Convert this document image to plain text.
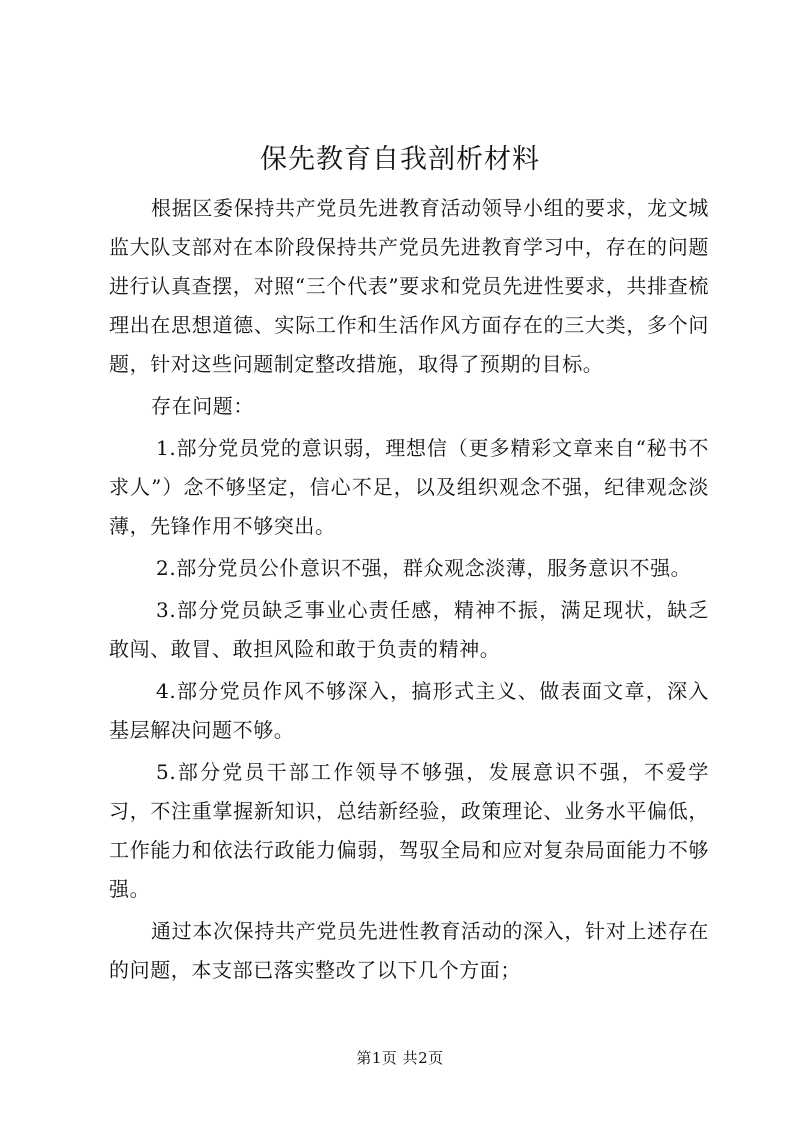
保先教育自我剖析材料

根据区委保持共产党员先进教育活动领导小组的要求，龙文城监大队支部对在本阶段保持共产党员先进教育学习中，存在的问题进行认真查摆，对照“三个代表”要求和党员先进性要求，共排查梳理出在思想道德、实际工作和生活作风方面存在的三大类，多个问题，针对这些问题制定整改措施，取得了预期的目标。

存在问题：

1.部分党员党的意识弱，理想信（更多精彩文章来自“秘书不求人”）念不够坚定，信心不足，以及组织观念不强，纪律观念淡薄，先锋作用不够突出。

2.部分党员公仆意识不强，群众观念淡薄，服务意识不强。

3.部分党员缺乏事业心责任感，精神不振，满足现状，缺乏敢闯、敢冒、敢担风险和敢于负责的精神。

4.部分党员作风不够深入，搞形式主义、做表面文章，深入基层解决问题不够。

5.部分党员干部工作领导不够强，发展意识不强，不爱学习，不注重掌握新知识，总结新经验，政策理论、业务水平偏低，工作能力和依法行政能力偏弱，驾驭全局和应对复杂局面能力不够强。

通过本次保持共产党员先进性教育活动的深入，针对上述存在的问题，本支部已落实整改了以下几个方面；

第1页 共2页
